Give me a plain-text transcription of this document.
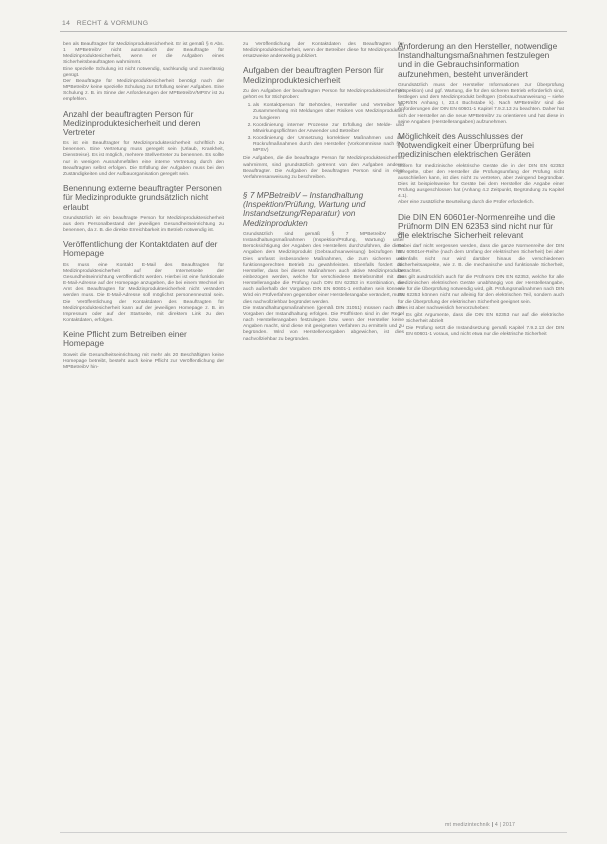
14 RECHT & VORMUNG

ben als Beauftragter für Medizinproduktesicherheit. Er ist gemäß § 6 Abs. 1 MPBetreibV nicht automatisch der Beauftragte für Medizinproduktesicherheit, wenn er die Aufgaben eines Sicherheitsbeauftragten wahrnimmt.

Eine spezielle Schulung ist nicht notwendig, sachkundig und zuverlässig genügt.

Der Beauftragte für Medizinproduktesicherheit benötigt nach der MPBetreibV keine spezielle Schulung zur Erfüllung seiner Aufgaben. Eine Schulung z. B. im Sinne der Anforderungen der MPBetreibV/MPSV ist zu empfehlen.

Anzahl der beauftragten Person für Medizinproduktesicherheit und deren Vertreter

Es ist ein Beauftragter für Medizinproduktesicherheit schriftlich zu benennen. Eine Vertretung muss geregelt sein (Urlaub, Krankheit, Dienstreise). Es ist möglich, mehrere Stellvertreter zu benennen. Es sollte nur in wenigen Ausnahmefällen eine interne Vertretung durch den Beauftragten selbst erfolgen. Die Erfüllung der Aufgaben muss bei den Zuständigkeiten und der Aufbauorganisation geregelt sein.

Benennung externe beauftragter Personen für Medizinprodukte grundsätzlich nicht erlaubt

Grundsätzlich ist ein beauftragte Person für Medizinproduktesicherheit aus dem Personalbestand der jeweiligen Gesundheitseinrichtung zu benennen, da z. B. die direkte Erreichbarkeit im Betrieb notwendig ist.

Veröffentlichung der Kontaktdaten auf der Homepage

Es muss eine Kontakt E-Mail des Beauftragten für Medizinproduktesicherheit auf der Internetseite der Gesundheitseinrichtung veröffentlicht werden. Hierbei ist eine funktionale E-Mail-Adresse auf der Homepage anzugeben, die bei einem Wechsel im Amt des Beauftragten für Medizinproduktesicherheit nicht verändert werden muss. Die E-Mail-Adresse soll möglichst personenneutral sein. Die Veröffentlichung der Kontaktdaten des Beauftragten für Medizinproduktesicherheit kann auf der jeweiligen Homepage z. B. im Impressum oder auf der Startseite, mit direktem Link zu den Kontaktdaten, erfolgen.

Keine Pflicht zum Betreiben einer Homepage

Soweit die Gesundheitseinrichtung mit mehr als 20 Beschäftigten keine Homepage betreibt, besteht auch keine Pflicht zur Veröffentlichung der MPBetreibV hin-

zu Veröffentlichung der Kontaktdaten des Beauftragten für Medizinproduktesicherheit, wenn der Betreiber diese für Medizinprodukte ersatzweise anderweitig publiziert.

Aufgaben der beauftragten Person für Medizinproduktesicherheit

Zu den Aufgaben der beauftragten Person für Medizinproduktesicherheit gehört es für Stichproben:

1. als Kontaktperson für Behörden, Hersteller und Vertreiber im Zusammenhang mit Meldungen über Risiken von Medizinprodukten zu fungieren
2. Koordinierung interner Prozesse zur Erfüllung der Melde- und Mitwirkungspflichten der Anwender und Betreiber
3. Koordinierung der Umsetzung korrektiver Maßnahmen und der Rückrufmaßnahmen durch den Hersteller (Vorkommnisse nach § 6 MPSV)

Die Aufgaben, die die beauftragte Person für Medizinproduktesicherheit wahrnimmt, sind grundsätzlich getrennt von den Aufgaben anderer Beauftragter. Die Aufgaben der beauftragten Person sind in einer Verfahrensanweisung zu beschreiben.

§ 7 MPBetreibV – Instandhaltung (Inspektion/Prüfung, Wartung und Instandsetzung/Reparatur) von Medizinprodukten

Grundsätzlich sind gemäß § 7 MPBetreibV die Instandhaltungsmaßnahmen (Inspektion/Prüfung, Wartung) unter Berücksichtigung der Angaben des Herstellers durchzuführen, die diese Angaben dem Medizinprodukt (Gebrauchsanweisung) beizufügen hat. Dies umfasst insbesondere Maßnahmen, die zum sicheren und funktionsgerechten Betrieb zu gewährleisten. Ebenfalls fordert der Hersteller, dass bei diesen Maßnahmen auch aktive Medizinprodukte einbezogen werden, welche für verschiedene Betriebsmittel mit der Herstellerangabe die Prüfung nach DIN EN 62353 in Kombination, die auch außerhalb der Vorgaben DIN EN 60601-1 enthalten sein können. Wird ein Prüfverfahren gegenüber einer Herstellerangabe verändert, muss dies nachvollziehbar begründet werden.

Die Instandhaltungsmaßnahmen (gemäß DIN 31051) müssen nach den Vorgaben der Instandhaltung erfolgen. Die Prüffristen sind in der Regel nach Herstellerangaben festzulegen bzw. wenn der Hersteller keine Angaben macht, sind diese mit geeigneten Verfahren zu ermitteln und zu begründen. Wird von Herstellervorgaben abgewichen, ist dies nachvollziehbar zu begründen.

Anforderung an den Hersteller, notwendige Instandhaltungsmaßnahmen festzulegen und in die Gebrauchsinformation aufzunehmen, besteht unverändert

Grundsätzlich muss der Hersteller Informationen zur Überprüfung (Inspektion) und ggf. Wartung, die für den sicheren Betrieb erforderlich sind, festlegen und dem Medizinprodukt beifügen (Gebrauchsanweisung – siehe MDR/EN Anhang I, 23.4 Buchstabe k). Nach MPBetreibV sind die Anforderungen der DIN EN 60601-1 Kapitel 7.9.2.13 zu beachten. Daher hat sich der Hersteller an die neue MPBetreibV zu orientieren und hat diese in seine Angaben (Herstellerangaben) aufzunehmen.

Möglichkeit des Ausschlusses der Notwendigkeit einer Überprüfung bei medizinischen elektrischen Geräten

Sofern für medizinische elektrische Geräte die in der DIN EN 62353 geregelte, über den Hersteller die Prüfungsumfang der Prüfung nicht ausschließen kann, ist dies nicht zu vertreten, aber zwingend begründbar. Dies ist beispielsweise für Geräte bei dem Hersteller die Angabe einer Prüfung ausgeschlossen hat (Anhang 4.2 Zeitpunkt, Begründung zu Kapitel 4.1).

Aber eine zusätzliche Beurteilung durch die Prüfer erforderlich.

Die DIN EN 60601er-Normenreihe und die Prüfnorm DIN EN 62353 sind nicht nur für die elektrische Sicherheit relevant

Dabei darf nicht vergessen werden, dass die ganze Normenreihe der DIN EN 60601er-Reihe (nach dem Umfang der elektrischen Sicherheit) bei aber ebenfalls nicht nur wird darüber hinaus die verschiedenen Sicherheitsaspekte, wie z. B. die mechanische und funktionale Sicherheit, betrachtet.

Das gilt ausdrücklich auch für die Prüfnorm DIN EN 62353, welche für alle medizinischen elektrischen Geräte unabhängig von der Herstellerangabe, wie für die Überprüfung notwendig wird, gilt. Prüfungsmaßnahmen nach DIN EN 62353 können nicht nur alleinig für den elektrischen Teil, sondern auch für die Überprüfung der elektrischen Sicherheit geeignet sein.

Dies ist aber nachweislich hervorzuheben:

• Es gibt Argumente, dass die DIN EN 62353 nur auf die elektrische Sicherheit abzielt
• Die Prüfung setzt die Instandsetzung gemäß Kapitel 7.9.2.13 der DIN EN 60601-1 voraus, und nicht etwa nur die elektrische Sicherheit
mt medizintechnik | 4 | 2017
